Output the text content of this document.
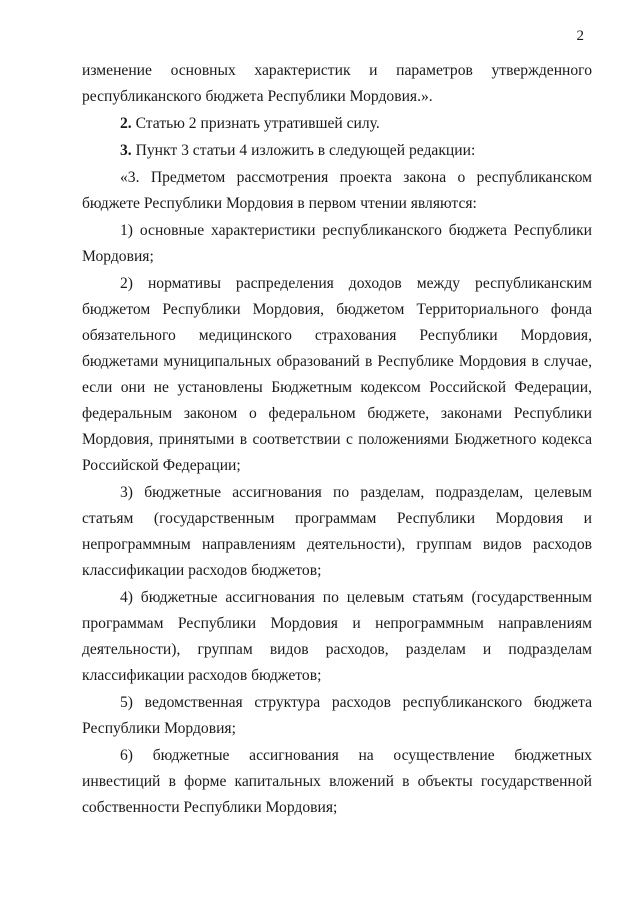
2

изменение основных характеристик и параметров утвержденного республиканского бюджета Республики Мордовия.».

2. Статью 2 признать утратившей силу.

3. Пункт 3 статьи 4 изложить в следующей редакции:

«3. Предметом рассмотрения проекта закона о республиканском бюджете Республики Мордовия в первом чтении являются:

1) основные характеристики республиканского бюджета Республики Мордовия;

2) нормативы распределения доходов между республиканским бюджетом Республики Мордовия, бюджетом Территориального фонда обязательного медицинского страхования Республики Мордовия, бюджетами муниципальных образований в Республике Мордовия в случае, если они не установлены Бюджетным кодексом Российской Федерации, федеральным законом о федеральном бюджете, законами Республики Мордовия, принятыми в соответствии с положениями Бюджетного кодекса Российской Федерации;

3) бюджетные ассигнования по разделам, подразделам, целевым статьям (государственным программам Республики Мордовия и непрограммным направлениям деятельности), группам видов расходов классификации расходов бюджетов;

4) бюджетные ассигнования по целевым статьям (государственным программам Республики Мордовия и непрограммным направлениям деятельности), группам видов расходов, разделам и подразделам классификации расходов бюджетов;

5) ведомственная структура расходов республиканского бюджета Республики Мордовия;

6) бюджетные ассигнования на осуществление бюджетных инвестиций в форме капитальных вложений в объекты государственной собственности Республики Мордовия;
